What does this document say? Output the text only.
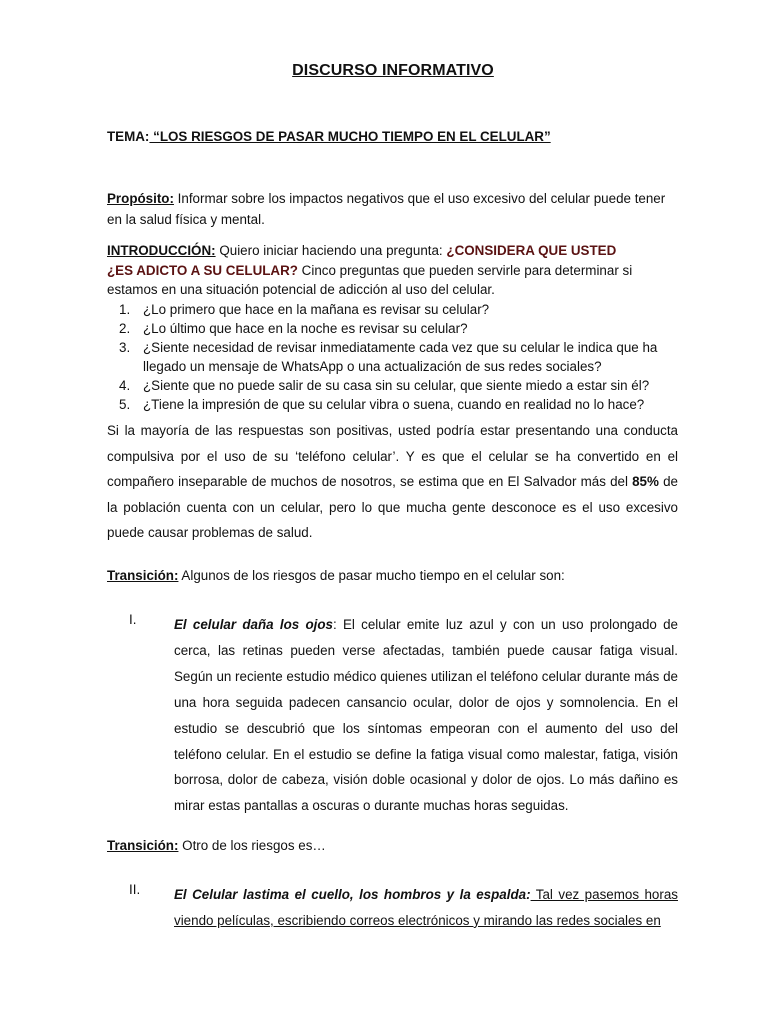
DISCURSO INFORMATIVO
TEMA: “LOS RIESGOS DE PASAR MUCHO TIEMPO EN EL CELULAR”
Propósito: Informar sobre los impactos negativos que el uso excesivo del celular puede tener en la salud física y mental.
INTRODUCCIÓN: Quiero iniciar haciendo una pregunta: ¿CONSIDERA QUE USTED
¿ES ADICTO A SU CELULAR? Cinco preguntas que pueden servirle para determinar si estamos en una situación potencial de adicción al uso del celular.
1. ¿Lo primero que hace en la mañana es revisar su celular?
2. ¿Lo último que hace en la noche es revisar su celular?
3. ¿Siente necesidad de revisar inmediatamente cada vez que su celular le indica que ha llegado un mensaje de WhatsApp o una actualización de sus redes sociales?
4. ¿Siente que no puede salir de su casa sin su celular, que siente miedo a estar sin él?
5. ¿Tiene la impresión de que su celular vibra o suena, cuando en realidad no lo hace?
Si la mayoría de las respuestas son positivas, usted podría estar presentando una conducta compulsiva por el uso de su ‘teléfono celular’. Y es que el celular se ha convertido en el compañero inseparable de muchos de nosotros, se estima que en El Salvador más del 85% de la población cuenta con un celular, pero lo que mucha gente desconoce es el uso excesivo puede causar problemas de salud.
Transición: Algunos de los riesgos de pasar mucho tiempo en el celular son:
I.	El celular daña los ojos: El celular emite luz azul y con un uso prolongado de cerca, las retinas pueden verse afectadas, también puede causar fatiga visual. Según un reciente estudio médico quienes utilizan el teléfono celular durante más de una hora seguida padecen cansancio ocular, dolor de ojos y somnolencia. En el estudio se descubrió que los síntomas empeoran con el aumento del uso del teléfono celular. En el estudio se define la fatiga visual como malestar, fatiga, visión borrosa, dolor de cabeza, visión doble ocasional y dolor de ojos. Lo más dañino es mirar estas pantallas a oscuras o durante muchas horas seguidas.
Transición: Otro de los riesgos es…
II.	El Celular lastima el cuello, los hombros y la espalda: Tal vez pasemos horas viendo películas, escribiendo correos electrónicos y mirando las redes sociales en
